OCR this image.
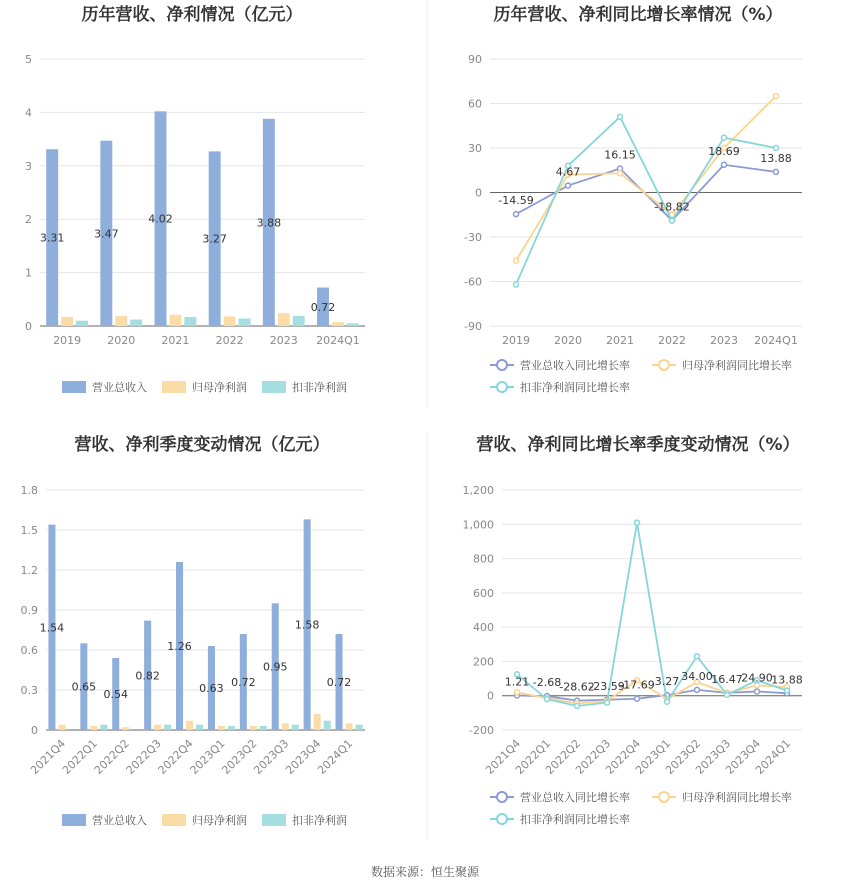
数据来源：恒生聚源
历年营收、净利情况（亿元）
0
1
2
3
4
5
2019 2020 2021 2022 2023 2024Q1
3.31	3.47
4.02
3.27
3.88
0.72
营业总收入	归母净利润	扣非净利润
历年营收、净利同比增长率情况（%）
-90
-60
-30
0
30
60
90
2019 2020 2021 2022 2023 2024Q1
-14.59
4.67
16.15
-18.82
18.69
13.88
营业总收入同比增长率	归母净利润同比增长率
扣非净利润同比增长率
营收、净利季度变动情况（亿元）
0
0.3
0.6
0.9
1.2
1.5
1.8
2021Q4
2022Q1
2022Q2
2022Q3
2022Q4
2023Q1
2023Q2
2023Q3
2023Q4
2024Q1
1.54
0.65
0.54
0.82
1.26
0.63 0.72
0.95
1.58
0.72
营业总收入	归母净利润	扣非净利润
营收、净利同比增长率季度变动情况（%）
-200
0
200
400
600
800
1,000
1,200
2021Q4
2022Q1
2022Q2
2022Q3
2022Q4
2023Q1
2023Q2
2023Q3
2023Q4
2024Q1
1.21 -2.68
-28.62
-23.59
-17.69 3.27 34.00
16.47
24.90
13.88
营业总收入同比增长率	归母净利润同比增长率
扣非净利润同比增长率
